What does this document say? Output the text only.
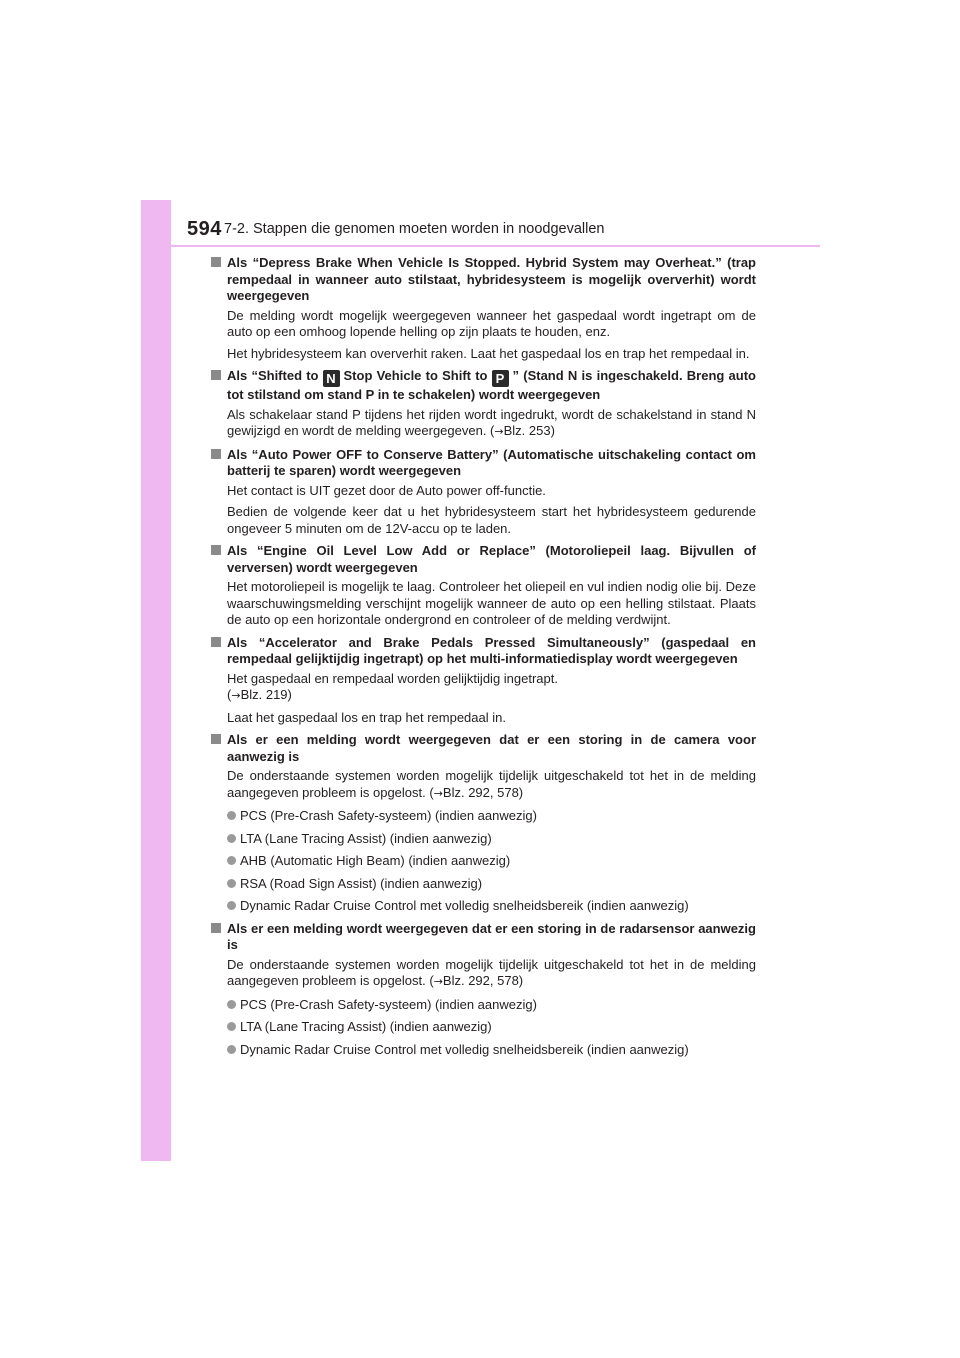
594 7-2. Stappen die genomen moeten worden in noodgevallen
Als “Depress Brake When Vehicle Is Stopped. Hybrid System may Overheat.” (trap rempedaal in wanneer auto stilstaat, hybridesysteem is mogelijk oververhit) wordt weergegeven
De melding wordt mogelijk weergegeven wanneer het gaspedaal wordt ingetrapt om de auto op een omhoog lopende helling op zijn plaats te houden, enz.
Het hybridesysteem kan oververhit raken. Laat het gaspedaal los en trap het rempedaal in.
Als “Shifted to N Stop Vehicle to Shift to P ” (Stand N is ingeschakeld. Breng auto tot stilstand om stand P in te schakelen) wordt weergegeven
Als schakelaar stand P tijdens het rijden wordt ingedrukt, wordt de schakelstand in stand N gewijzigd en wordt de melding weergegeven. (→Blz. 253)
Als “Auto Power OFF to Conserve Battery” (Automatische uitschakeling contact om batterij te sparen) wordt weergegeven
Het contact is UIT gezet door de Auto power off-functie.
Bedien de volgende keer dat u het hybridesysteem start het hybridesysteem gedurende ongeveer 5 minuten om de 12V-accu op te laden.
Als “Engine Oil Level Low Add or Replace” (Motoroliepeil laag. Bijvullen of verversen) wordt weergegeven
Het motoroliepeil is mogelijk te laag. Controleer het oliepeil en vul indien nodig olie bij. Deze waarschuwingsmelding verschijnt mogelijk wanneer de auto op een helling stilstaat. Plaats de auto op een horizontale ondergrond en controleer of de melding verdwijnt.
Als “Accelerator and Brake Pedals Pressed Simultaneously” (gaspedaal en rempedaal gelijktijdig ingetrapt) op het multi-informatiedisplay wordt weergegeven
Het gaspedaal en rempedaal worden gelijktijdig ingetrapt.
(→Blz. 219)
Laat het gaspedaal los en trap het rempedaal in.
Als er een melding wordt weergegeven dat er een storing in de camera voor aanwezig is
De onderstaande systemen worden mogelijk tijdelijk uitgeschakeld tot het in de melding aangegeven probleem is opgelost. (→Blz. 292, 578)
PCS (Pre-Crash Safety-systeem) (indien aanwezig)
LTA (Lane Tracing Assist) (indien aanwezig)
AHB (Automatic High Beam) (indien aanwezig)
RSA (Road Sign Assist) (indien aanwezig)
Dynamic Radar Cruise Control met volledig snelheidsbereik (indien aanwezig)
Als er een melding wordt weergegeven dat er een storing in de radarsensor aanwezig is
De onderstaande systemen worden mogelijk tijdelijk uitgeschakeld tot het in de melding aangegeven probleem is opgelost. (→Blz. 292, 578)
PCS (Pre-Crash Safety-systeem) (indien aanwezig)
LTA (Lane Tracing Assist) (indien aanwezig)
Dynamic Radar Cruise Control met volledig snelheidsbereik (indien aanwezig)
